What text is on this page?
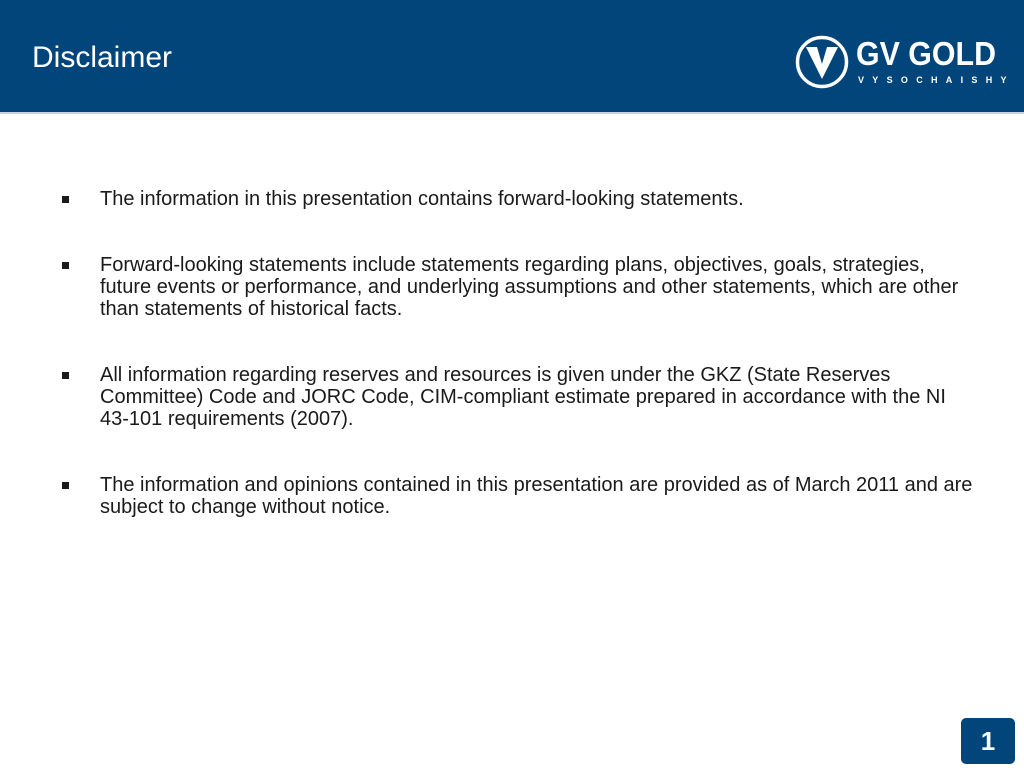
Disclaimer	GV GOLD
VYSOCHAISHY
The information in this presentation contains forward-looking statements.
Forward-looking statements include statements regarding plans, objectives, goals, strategies, future events or performance, and underlying assumptions and other statements, which are other than statements of historical facts.
All information regarding reserves and resources is given under the GKZ (State Reserves Committee) Code and JORC Code, CIM-compliant estimate prepared in accordance with the NI 43-101 requirements (2007).
The information and opinions contained in this presentation are provided as of March 2011 and are subject to change without notice.
1
